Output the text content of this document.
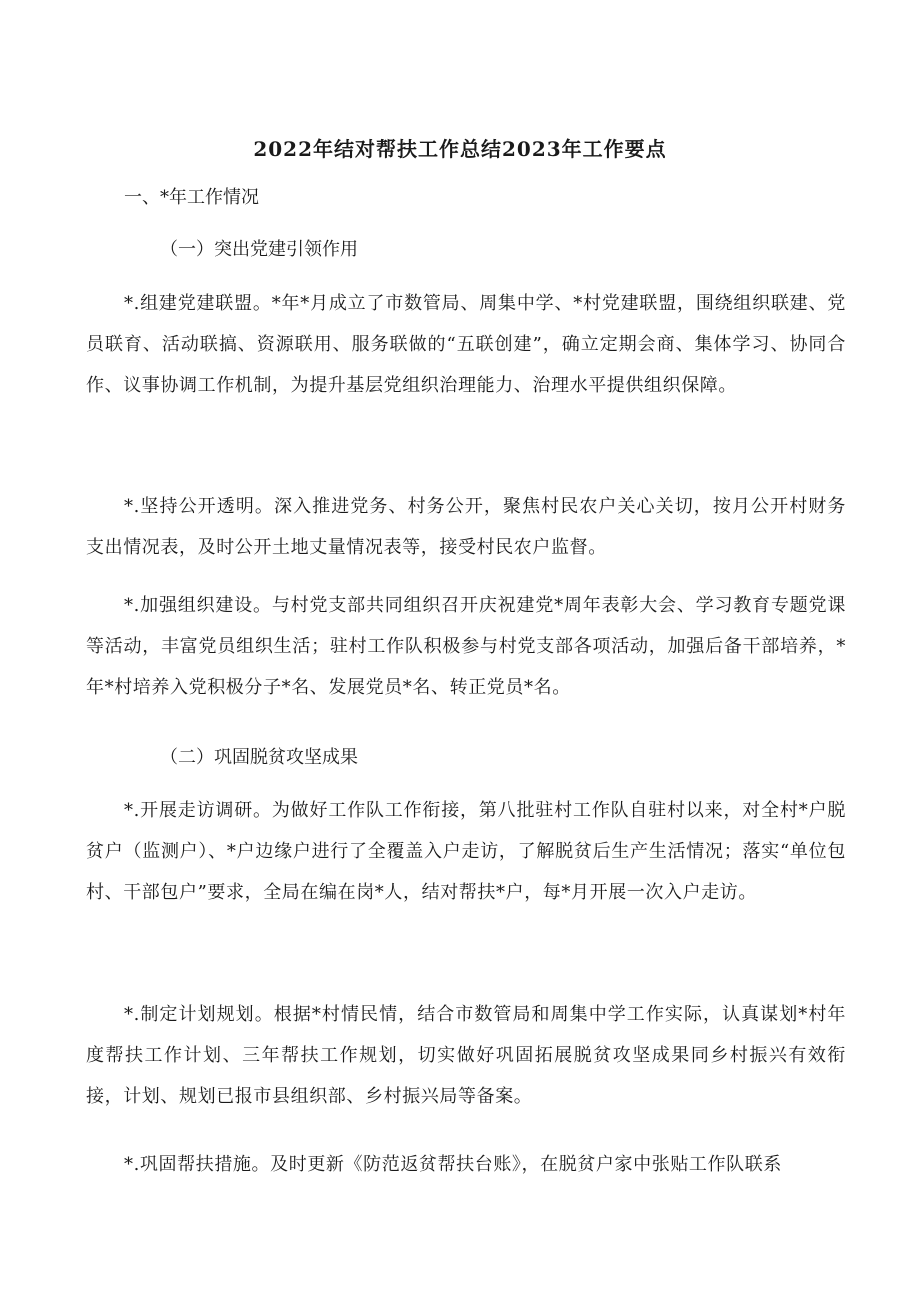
2022年结对帮扶工作总结2023年工作要点
一、*年工作情况
（一）突出党建引领作用

*.组建党建联盟。*年*月成立了市数管局、周集中学、*村党建联盟，围绕组织联建、党员联育、活动联搞、资源联用、服务联做的“五联创建”，确立定期会商、集体学习、协同合作、议事协调工作机制，为提升基层党组织治理能力、治理水平提供组织保障。

*.坚持公开透明。深入推进党务、村务公开，聚焦村民农户关心关切，按月公开村财务支出情况表，及时公开土地丈量情况表等，接受村民农户监督。

*.加强组织建设。与村党支部共同组织召开庆祝建党*周年表彰大会、学习教育专题党课等活动，丰富党员组织生活；驻村工作队积极参与村党支部各项活动，加强后备干部培养，*年*村培养入党积极分子*名、发展党员*名、转正党员*名。

（二）巩固脱贫攻坚成果

*.开展走访调研。为做好工作队工作衔接，第八批驻村工作队自驻村以来，对全村*户脱贫户（监测户）、*户边缘户进行了全覆盖入户走访，了解脱贫后生产生活情况；落实“单位包村、干部包户”要求，全局在编在岗*人，结对帮扶*户，每*月开展一次入户走访。

*.制定计划规划。根据*村情民情，结合市数管局和周集中学工作实际，认真谋划*村年度帮扶工作计划、三年帮扶工作规划，切实做好巩固拓展脱贫攻坚成果同乡村振兴有效衔接，计划、规划已报市县组织部、乡村振兴局等备案。

*.巩固帮扶措施。及时更新《防范返贫帮扶台账》，在脱贫户家中张贴工作队联系
